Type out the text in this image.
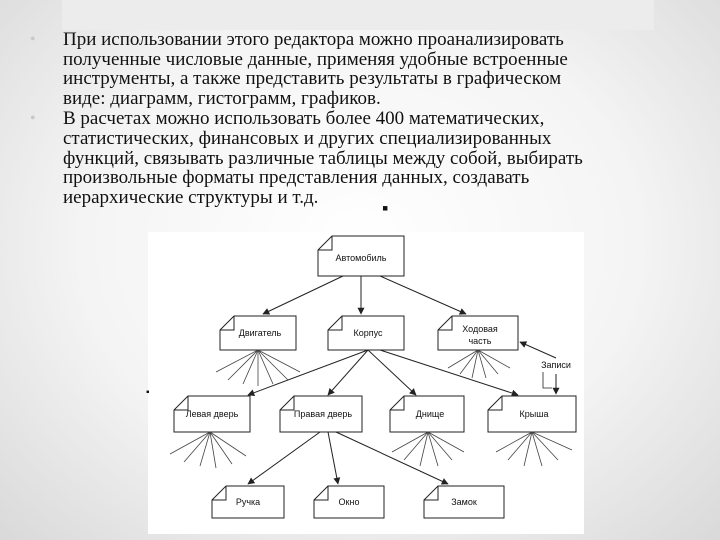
• При использовании этого редактора можно проанализировать
полученные числовые данные, применяя удобные встроенные
инструменты, а также представить результаты в графическом
виде: диаграмм, гистограмм, графиков.
• В расчетах можно использовать более 400 математических,
статистических, финансовых и других специализированных
функций, связывать различные таблицы между собой, выбирать
произвольные форматы представления данных, создавать
иерархические структуры и т.д.
▪
Автомобиль
Двигатель	Корпус	Ходовая часть
Записи
Левая дверь	Правая дверь	Днище	Крыша
Ручка	Окно	Замок
▪
